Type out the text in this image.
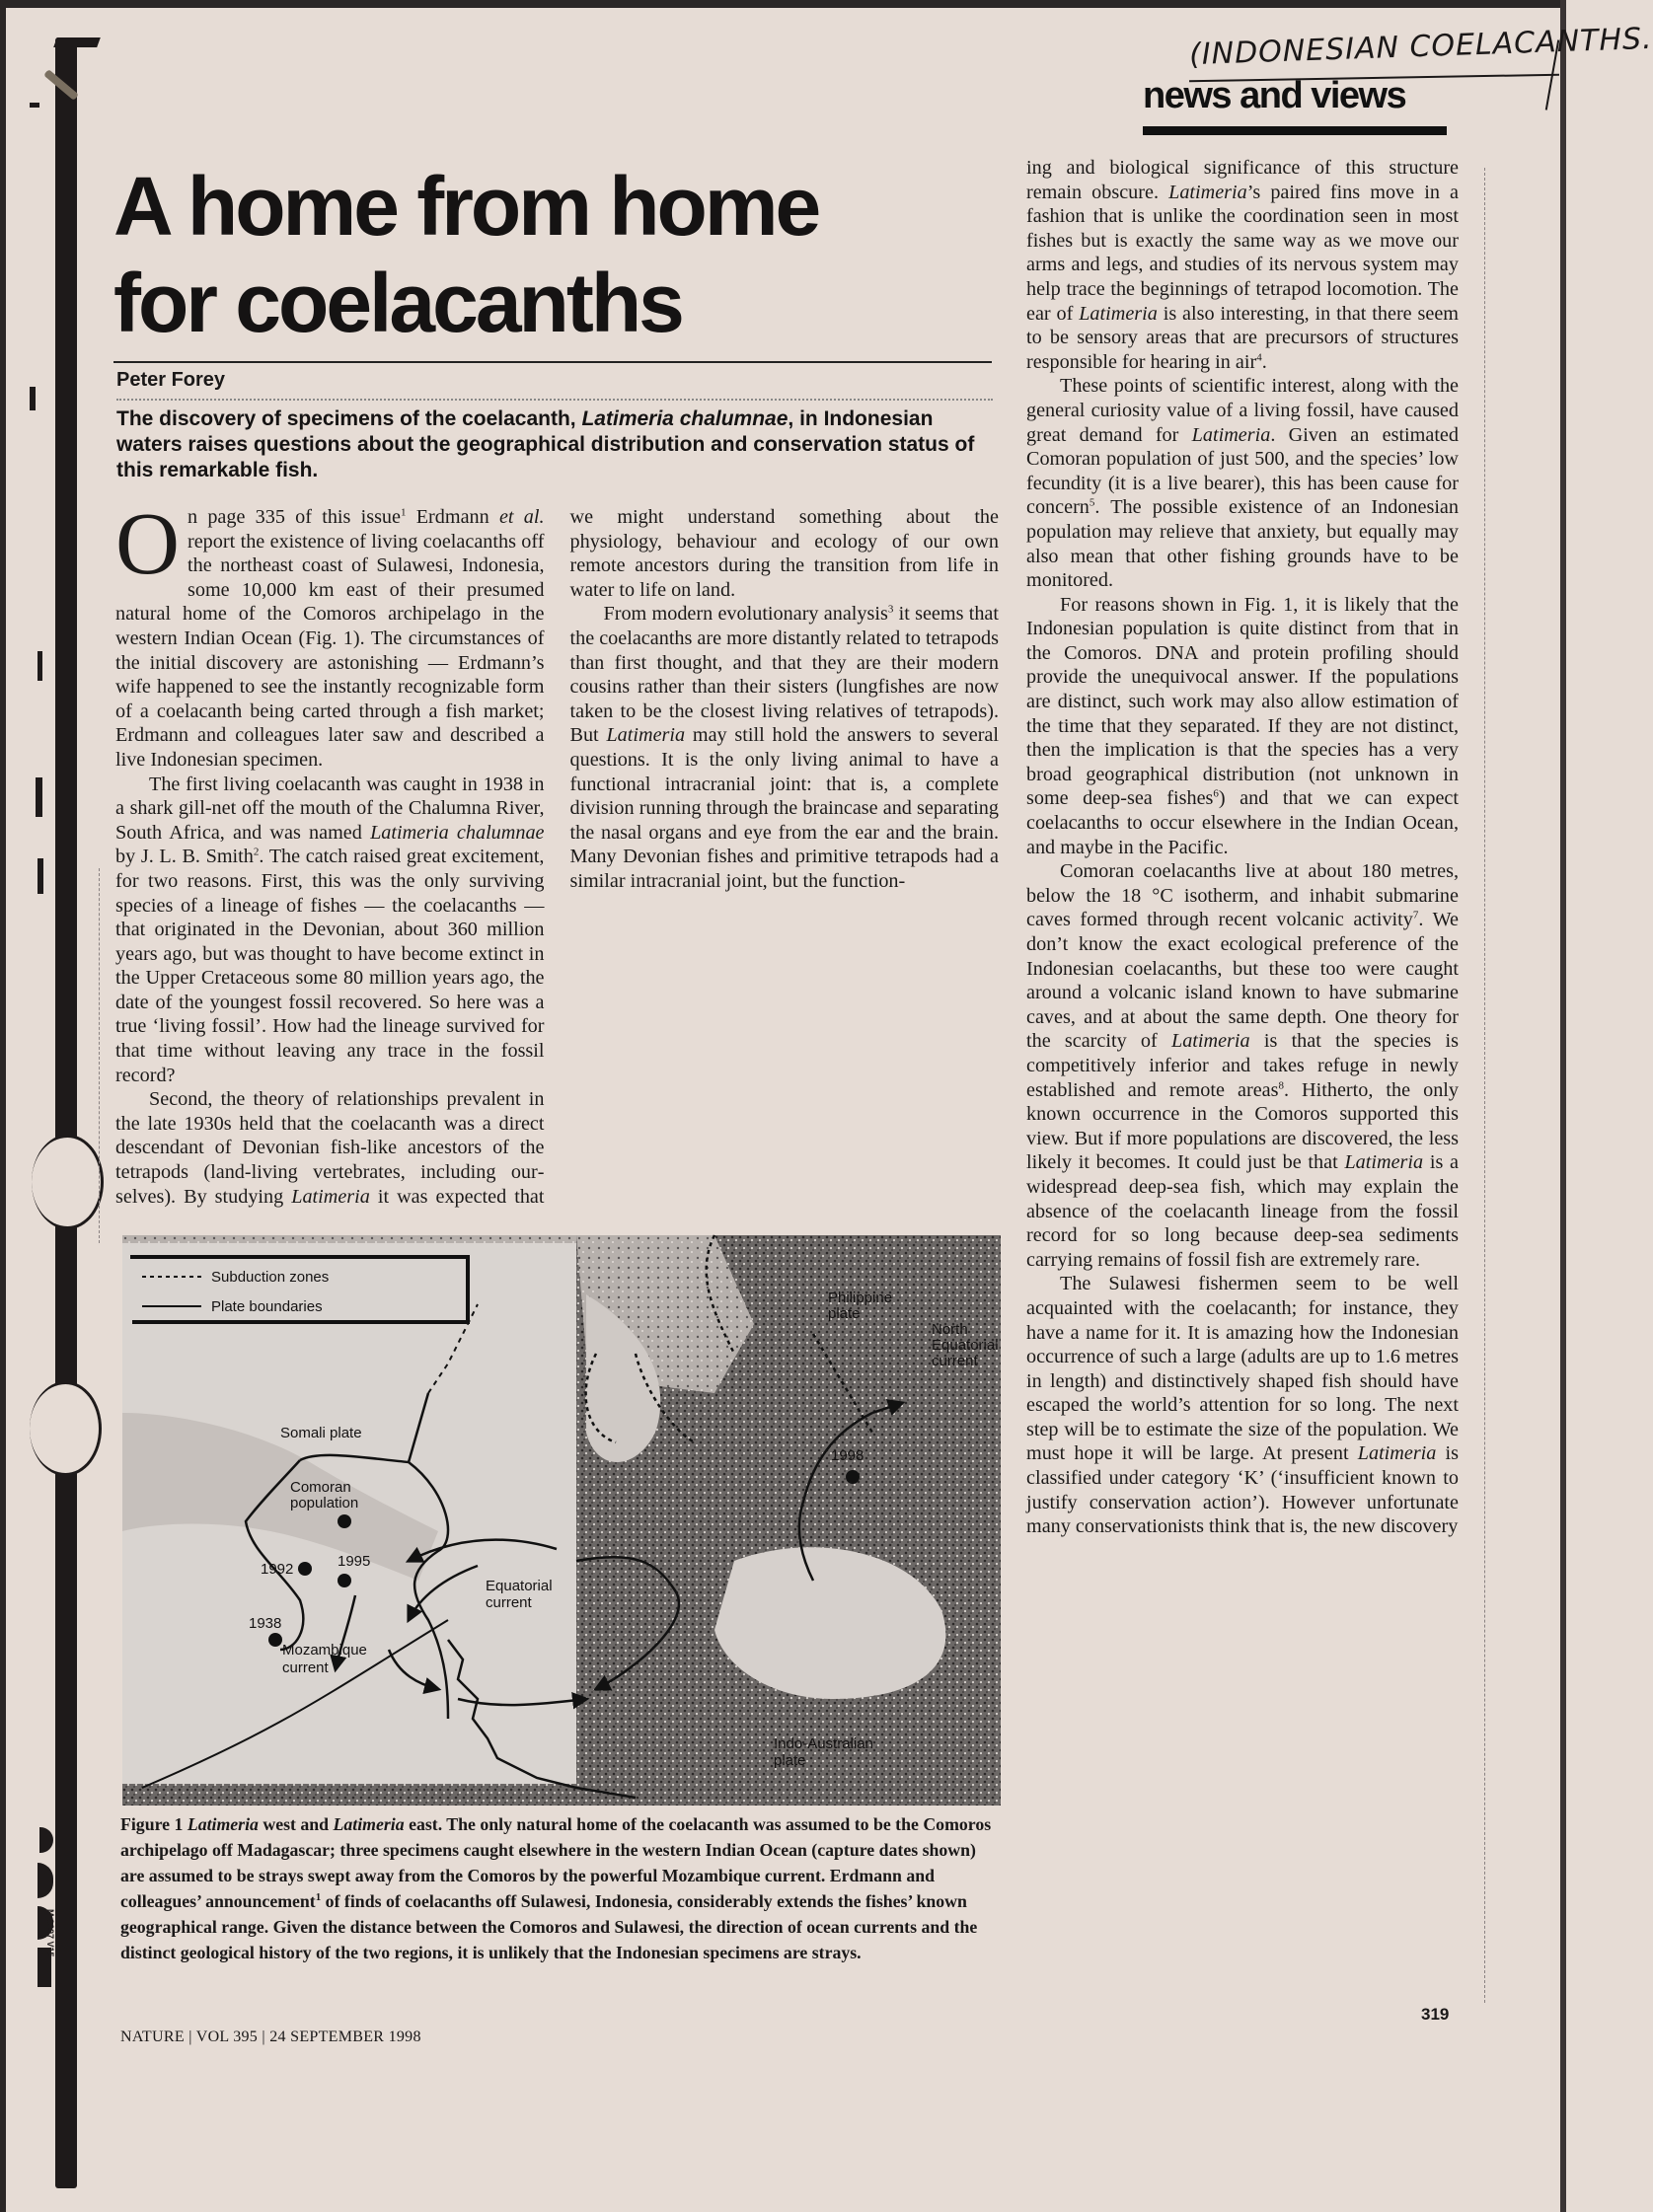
M 0697 V15
(INDONESIAN COELACANTHS.
news and views
A home from home
for coelacanths
Peter Forey
The discovery of specimens of the coelacanth, Latimeria chalumnae, in Indonesian waters raises questions about the geographical distribution and conservation status of this remarkable fish.

On page 335 of this issue$^1$ Erdmann et al. report the existence of living coelacanths off the northeast coast of Sulawesi, Indonesia, some 10,000 km east of their presumed natural home of the Comoros archipelago in the western Indian Ocean (Fig. 1). The circumstances of the initial discovery are astonishing — Erdmann’s wife happened to see the instantly recognizable form of a coelacanth being carted through a fish market; Erdmann and colleagues later saw and described a live Indonesian specimen.

The first living coelacanth was caught in 1938 in a shark gill-net off the mouth of the Chalumna River, South Africa, and was named Latimeria chalumnae by J. L. B. Smith$^2$. The catch raised great excitement, for two reasons. First, this was the only surviving species of a lineage of fishes — the coelacanths — that originated in the Devonian, about 360 million years ago, but was thought to have become extinct in the Upper Cretaceous some 80 million years ago, the date of the youngest fossil recovered. So here was a true ‘living fossil’. How had the lineage survived for that time without leaving any trace in the fossil record?

Second, the theory of relationships prevalent in the late 1930s held that the coelacanth was a direct descendant of Devonian fish-like ancestors of the tetrapods (land-living vertebrates, including ourselves). By studying Latimeria it was expected that we might understand something about the physiology, behaviour and ecology of our own remote ancestors during the transition from life in water to life on land.

From modern evolutionary analysis$^3$ it seems that the coelacanths are more distantly related to tetrapods than first thought, and that they are their modern cousins rather than their sisters (lungfishes are now taken to be the closest living relatives of tetrapods). But Latimeria may still hold the answers to several questions. It is the only living animal to have a functional intracranial joint: that is, a complete division running through the braincase and separating the nasal organs and eye from the ear and the brain. Many Devonian fishes and primitive tetrapods had a similar intracranial joint, but the function-

ing and biological significance of this structure remain obscure. Latimeria’s paired fins move in a fashion that is unlike the coordination seen in most fishes but is exactly the same way as we move our arms and legs, and studies of its nervous system may help trace the beginnings of tetrapod locomotion. The ear of Latimeria is also interesting, in that there seem to be sensory areas that are precursors of structures responsible for hearing in air$^4$.

These points of scientific interest, along with the general curiosity value of a living fossil, have caused great demand for Latimeria. Given an estimated Comoran population of just 500, and the species’ low fecundity (it is a live bearer), this has been cause for concern$^5$. The possible existence of an Indonesian population may relieve that anxiety, but equally may also mean that other fishing grounds have to be monitored.

For reasons shown in Fig. 1, it is likely that the Indonesian population is quite distinct from that in the Comoros. DNA and protein profiling should provide the unequivocal answer. If the populations are distinct, such work may also allow estimation of the time that they separated. If they are not distinct, then the implication is that the species has a very broad geographical distribution (not unknown in some deep-sea fishes$^6$) and that we can expect coelacanths to occur elsewhere in the Indian Ocean, and maybe in the Pacific.

Comoran coelacanths live at about 180 metres, below the 18 °C isotherm, and inhabit submarine caves formed through recent volcanic activity$^7$. We don’t know the exact ecological preference of the Indonesian coelacanths, but these too were caught around a volcanic island known to have submarine caves, and at about the same depth. One theory for the scarcity of Latimeria is that the species is competitively inferior and takes refuge in newly established and remote areas$^8$. Hitherto, the only known occurrence in the Comoros supported this view. But if more populations are discovered, the less likely it becomes. It could just be that Latimeria is a widespread deep-sea fish, which may explain the absence of the coelacanth lineage from the fossil record for so long because deep-sea sediments carrying remains of fossil fish are extremely rare.

The Sulawesi fishermen seem to be well acquainted with the coelacanth; for instance, they have a name for it. It is amazing how the Indonesian occurrence of such a large (adults are up to 1.6 metres in length) and distinctively shaped fish should have escaped the world’s attention for so long. The next step will be to estimate the size of the population. We must hope it will be large. At present Latimeria is classified under category ‘K’ (‘insufficient known to justify conservation action’). However unfortunate many conservationists think that is, the new discovery

Subduction zones
Plate boundaries
Somali plate
Comoran
population
1992	1995
1938
Mozambique
current
Equatorial
current
1998
Philippine
plate
North
Equatorial
current
Indo-Australian
plate
Figure 1 Latimeria west and Latimeria east. The only natural home of the coelacanth was assumed to be the Comoros archipelago off Madagascar; three specimens caught elsewhere in the western Indian Ocean (capture dates shown) are assumed to be strays swept away from the Comoros by the powerful Mozambique current. Erdmann and colleagues’ announcement$^1$ of finds of coelacanths off Sulawesi, Indonesia, considerably extends the fishes’ known geographical range. Given the distance between the Comoros and Sulawesi, the direction of ocean currents and the distinct geological history of the two regions, it is unlikely that the Indonesian specimens are strays.
NATURE | VOL 395 | 24 SEPTEMBER 1998
319
